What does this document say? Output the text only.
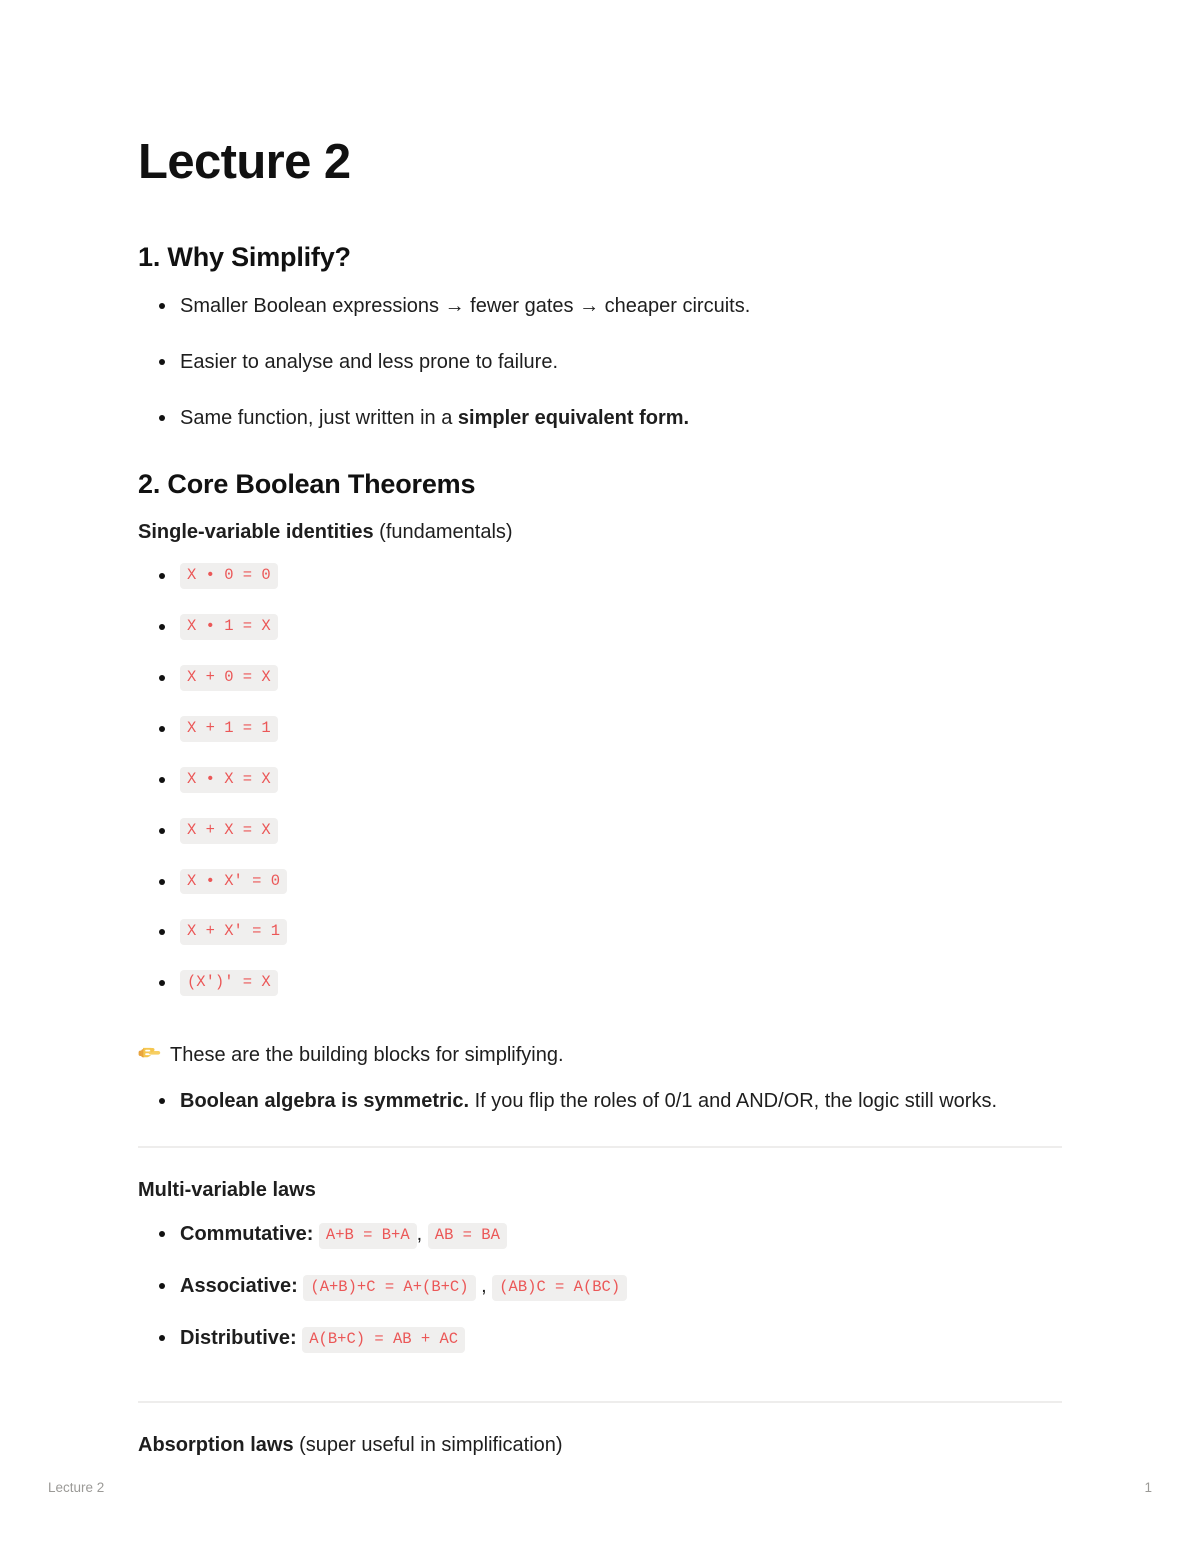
Lecture 2
1. Why Simplify?
Smaller Boolean expressions → fewer gates → cheaper circuits.
Easier to analyse and less prone to failure.
Same function, just written in a simpler equivalent form.
2. Core Boolean Theorems

Single-variable identities (fundamentals)

X • 0 = 0
X • 1 = X
X + 0 = X
X + 1 = 1
X • X = X
X + X = X
X • X′ = 0
X + X′ = 1
(X′)′ = X

These are the building blocks for simplifying.

Boolean algebra is symmetric. If you flip the roles of 0/1 and AND/OR, the logic still works.

Multi-variable laws

Commutative: A+B = B+A , AB = BA
Associative: (A+B)+C = A+(B+C) , (AB)C = A(BC)
Distributive: A(B+C) = AB + AC

Absorption laws (super useful in simplification)

Lecture 2	1
